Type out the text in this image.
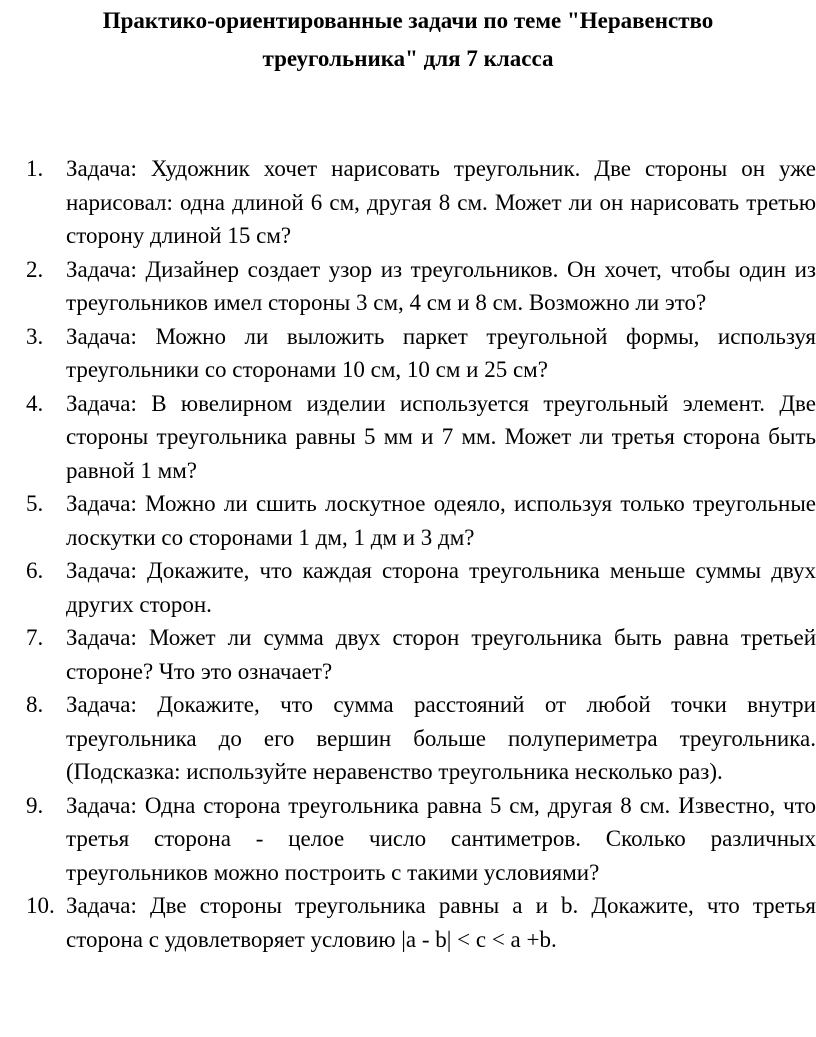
Практико-ориентированные задачи по теме "Неравенство
треугольника" для 7 класса
1. Задача: Художник хочет нарисовать треугольник. Две стороны он уже нарисовал: одна длиной 6 см, другая 8 см. Может ли он нарисовать третью сторону длиной 15 см?
2. Задача: Дизайнер создает узор из треугольников. Он хочет, чтобы один из треугольников имел стороны 3 см, 4 см и 8 см. Возможно ли это?
3. Задача: Можно ли выложить паркет треугольной формы, используя треугольники со сторонами 10 см, 10 см и 25 см?
4. Задача: В ювелирном изделии используется треугольный элемент. Две стороны треугольника равны 5 мм и 7 мм. Может ли третья сторона быть равной 1 мм?
5. Задача: Можно ли сшить лоскутное одеяло, используя только треугольные лоскутки со сторонами 1 дм, 1 дм и 3 дм?
6. Задача: Докажите, что каждая сторона треугольника меньше суммы двух других сторон.
7. Задача: Может ли сумма двух сторон треугольника быть равна третьей стороне? Что это означает?
8. Задача: Докажите, что сумма расстояний от любой точки внутри треугольника до его вершин больше полупериметра треугольника. (Подсказка: используйте неравенство треугольника несколько раз).
9. Задача: Одна сторона треугольника равна 5 см, другая 8 см. Известно, что третья сторона - целое число сантиметров. Сколько различных треугольников можно построить с такими условиями?
10. Задача: Две стороны треугольника равны a и b. Докажите, что третья сторона с удовлетворяет условию |a - b| < c < a +b.
